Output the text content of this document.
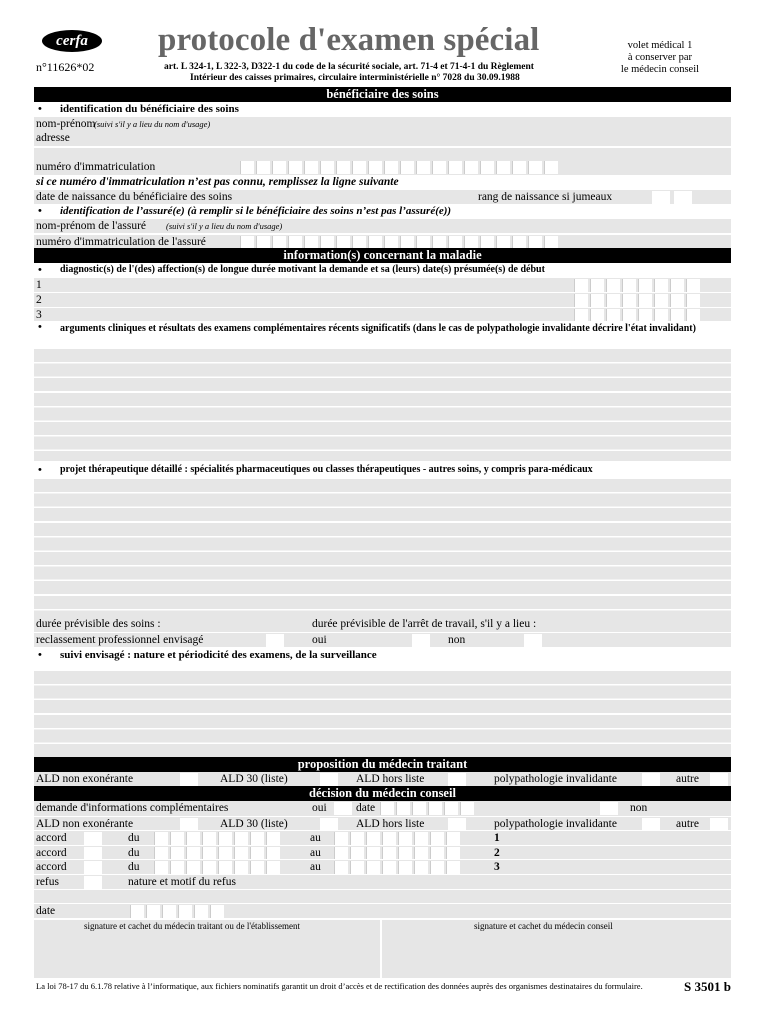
cerfa
n°11626*02
protocole d'examen spécial
art. L 324-1, L 322-3, D322-1 du code de la sécurité sociale, art. 71-4 et 71-4-1 du Règlement
Intérieur des caisses primaires, circulaire interministérielle n° 7028 du 30.09.1988
volet médical 1
à conserver par
le médecin conseil
bénéficiaire des soins
• identification du bénéficiaire des soins
nom-prénom
(suivi s'il y a lieu du nom d'usage)
adresse
numéro d'immatriculation
si ce numéro d'immatriculation n’est pas connu, remplissez la ligne suivante
date de naissance du bénéficiaire des soins	rang de naissance si jumeaux
• identification de l’assuré(e) (à remplir si le bénéficiaire des soins n’est pas l’assuré(e))
nom-prénom de l'assuré (suivi s'il y a lieu du nom d'usage)
numéro d'immatriculation de l'assuré
information(s) concernant la maladie
• diagnostic(s) de l'(des) affection(s) de longue durée motivant la demande et sa (leurs) date(s) présumée(s) de début
1
2
3
•	arguments cliniques et résultats des examens complémentaires récents significatifs (dans le cas de polypathologie invalidante décrire l'état invalidant)
• projet thérapeutique détaillé : spécialités pharmaceutiques ou classes thérapeutiques - autres soins, y compris para-médicaux
durée prévisible des soins :	durée prévisible de l'arrêt de travail, s'il y a lieu :
reclassement professionnel envisagé	oui	non
• suivi envisagé : nature et périodicité des examens, de la surveillance
proposition du médecin traitant
ALD non exonérante	ALD 30 (liste)	ALD hors liste	polypathologie invalidante	autre
décision du médecin conseil
demande d'informations complémentaires	oui	date	non
ALD non exonérante	ALD 30 (liste)	ALD hors liste	polypathologie invalidante	autre
accord	du	au	1
accord	du	au	2
accord	du	au	3
refus	nature et motif du refus
date
signature et cachet du médecin traitant ou de l'établissement	signature et cachet du médecin conseil
La loi 78-17 du 6.1.78 relative à l’informatique, aux fichiers nominatifs garantit un droit d’accès et de rectification des données auprès des organismes destinataires du formulaire.	S 3501 b
